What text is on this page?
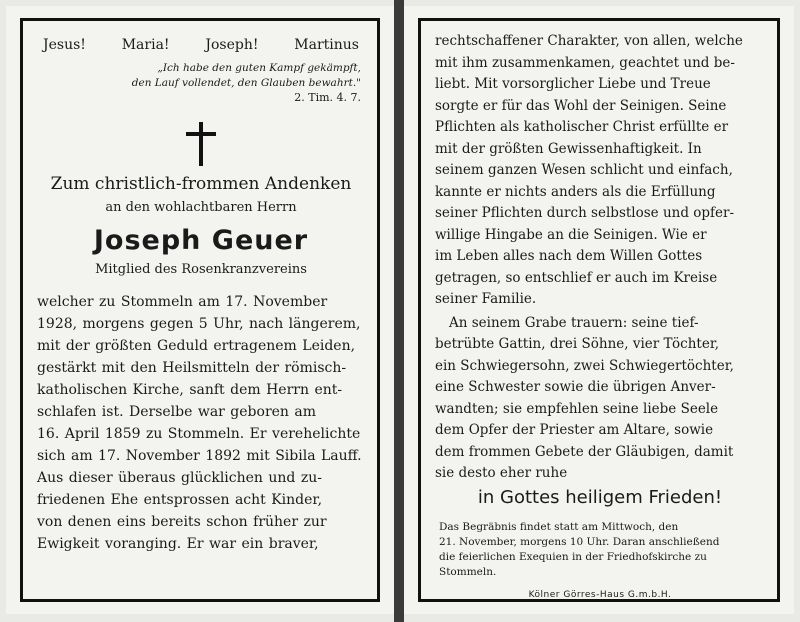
Jesus!	Maria!	Joseph!	Martinus
„Ich habe den guten Kampf gekämpft,
den Lauf vollendet, den Glauben bewahrt."
2. Tim. 4. 7.
Zum christlich-frommen Andenken
an den wohlachtbaren Herrn
Joseph Geuer
Mitglied des Rosenkranzvereins

welcher zu Stommeln am 17. November

1928, morgens gegen 5 Uhr, nach längerem,

mit der größten Geduld ertragenem Leiden,

gestärkt mit den Heilsmitteln der römisch-

katholischen Kirche, sanft dem Herrn ent-

schlafen ist. Derselbe war geboren am

16. April 1859 zu Stommeln. Er verehelichte

sich am 17. November 1892 mit Sibila Lauff.

Aus dieser überaus glücklichen und zu-

friedenen Ehe entsprossen acht Kinder,

von denen eins bereits schon früher zur

Ewigkeit voranging. Er war ein braver,

rechtschaffener Charakter, von allen, welche

mit ihm zusammenkamen, geachtet und be-

liebt. Mit vorsorglicher Liebe und Treue

sorgte er für das Wohl der Seinigen. Seine

Pflichten als katholischer Christ erfüllte er

mit der größten Gewissenhaftigkeit. In

seinem ganzen Wesen schlicht und einfach,

kannte er nichts anders als die Erfüllung

seiner Pflichten durch selbstlose und opfer-

willige Hingabe an die Seinigen. Wie er

im Leben alles nach dem Willen Gottes

getragen, so entschlief er auch im Kreise

seiner Familie.

An seinem Grabe trauern: seine tief-

betrübte Gattin, drei Söhne, vier Töchter,

ein Schwiegersohn, zwei Schwiegertöchter,

eine Schwester sowie die übrigen Anver-

wandten; sie empfehlen seine liebe Seele

dem Opfer der Priester am Altare, sowie

dem frommen Gebete der Gläubigen, damit

sie desto eher ruhe

in Gottes heiligem Frieden!
Das Begräbnis findet statt am Mittwoch, den
21. November, morgens 10 Uhr. Daran anschließend
die feierlichen Exequien in der Friedhofskirche zu
Stommeln.
Kölner Görres-Haus G.m.b.H.
